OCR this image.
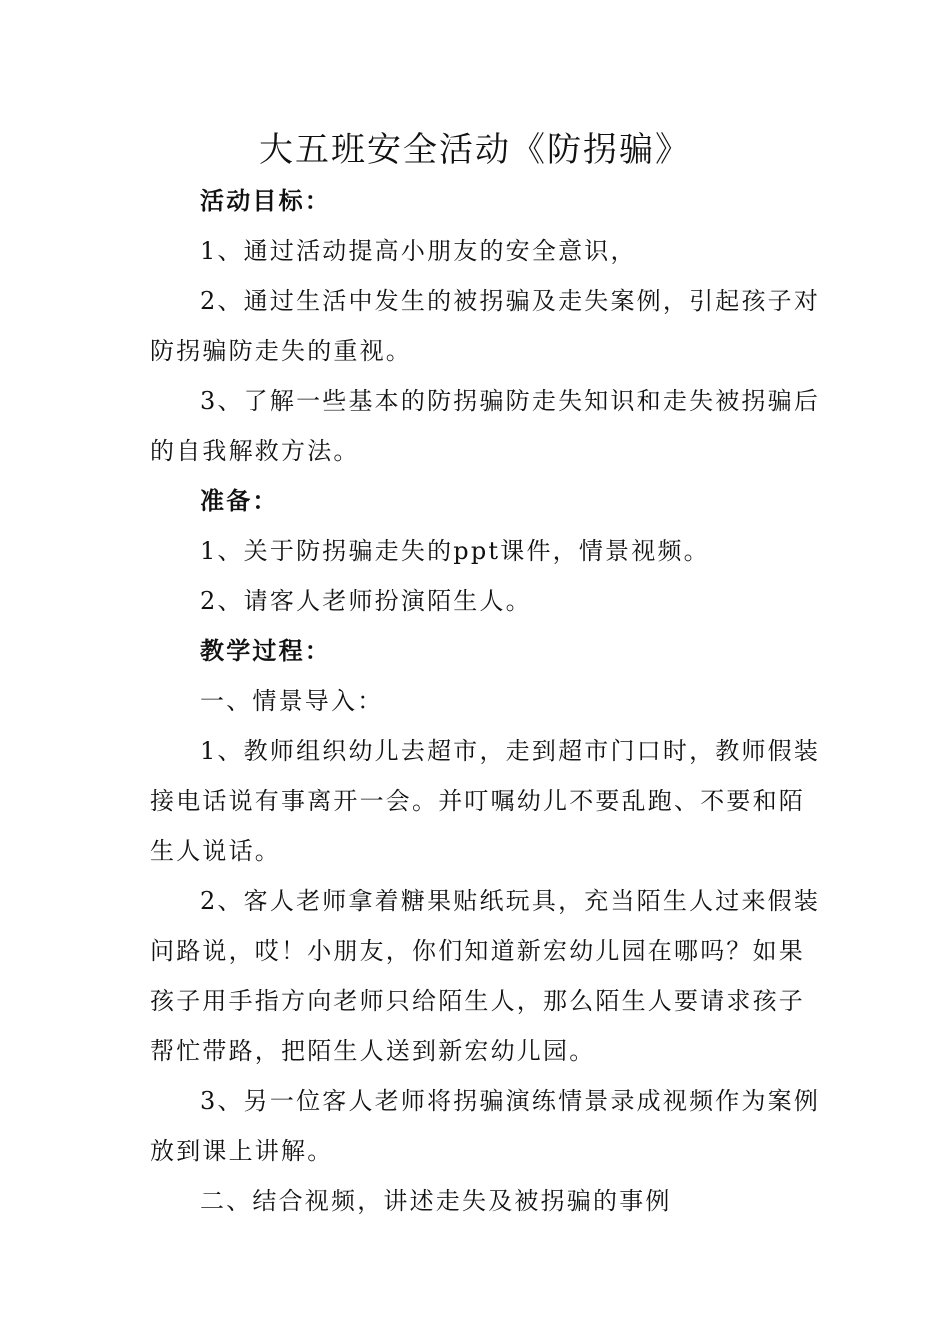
大五班安全活动《防拐骗》

活动目标：

1、通过活动提高小朋友的安全意识，

2、通过生活中发生的被拐骗及走失案例，引起孩子对

防拐骗防走失的重视。

3、了解一些基本的防拐骗防走失知识和走失被拐骗后

的自我解救方法。

准备：

1、关于防拐骗走失的ppt课件，情景视频。

2、请客人老师扮演陌生人。

教学过程：

一、情景导入：

1、教师组织幼儿去超市，走到超市门口时，教师假装

接电话说有事离开一会。并叮嘱幼儿不要乱跑、不要和陌

生人说话。

2、客人老师拿着糖果贴纸玩具，充当陌生人过来假装

问路说，哎！小朋友，你们知道新宏幼儿园在哪吗？如果

孩子用手指方向老师只给陌生人，那么陌生人要请求孩子

帮忙带路，把陌生人送到新宏幼儿园。

3、另一位客人老师将拐骗演练情景录成视频作为案例

放到课上讲解。

二、结合视频，讲述走失及被拐骗的事例
